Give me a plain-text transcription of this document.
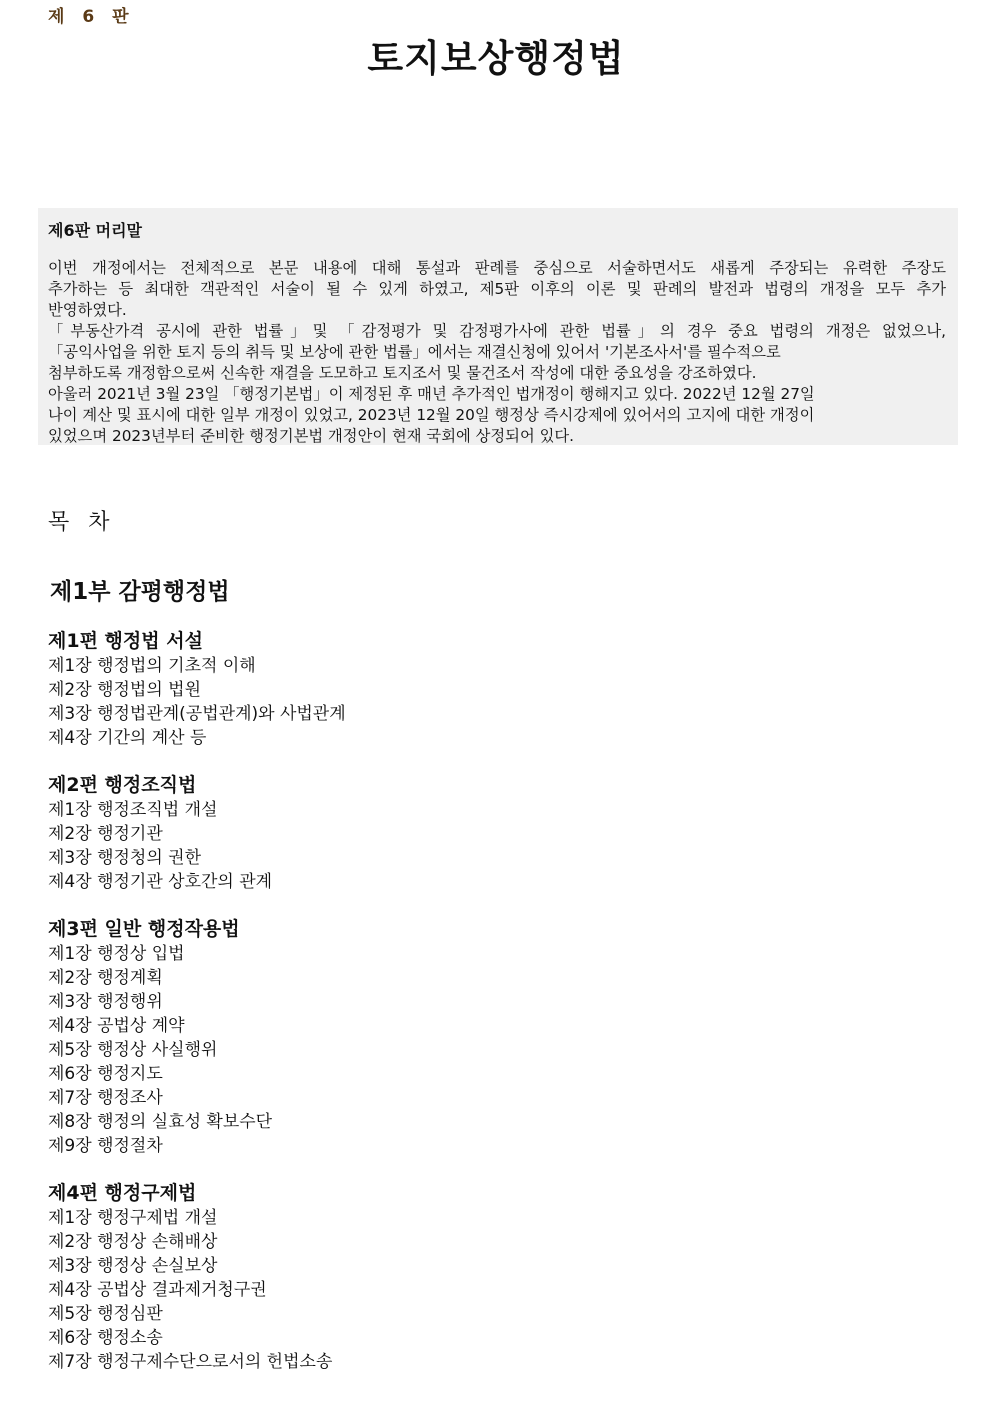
제 6 판
토지보상행정법

제6판 머리말

이번 개정에서는 전체적으로 본문 내용에 대해 통설과 판례를 중심으로 서술하면서도 새롭게 주장되는 유력한 주장도
추가하는 등 최대한 객관적인 서술이 될 수 있게 하였고, 제5판 이후의 이론 및 판례의 발전과 법령의 개정을 모두 추가
반영하였다.
「부동산가격 공시에 관한 법률」및 「감정평가 및 감정평가사에 관한 법률」의 경우 중요 법령의 개정은 없었으나,
「공익사업을 위한 토지 등의 취득 및 보상에 관한 법률」에서는 재결신청에 있어서 '기본조사서'를 필수적으로
첨부하도록 개정함으로써 신속한 재결을 도모하고 토지조서 및 물건조서 작성에 대한 중요성을 강조하였다.
아울러 2021년 3월 23일 「행정기본법」이 제정된 후 매년 추가적인 법개정이 행해지고 있다. 2022년 12월 27일
나이 계산 및 표시에 대한 일부 개정이 있었고, 2023년 12월 20일 행정상 즉시강제에 있어서의 고지에 대한 개정이
있었으며 2023년부터 준비한 행정기본법 개정안이 현재 국회에 상정되어 있다.
목 차
제1부 감평행정법

제1편 행정법 서설

제1장 행정법의 기초적 이해

제2장 행정법의 법원

제3장 행정법관계(공법관계)와 사법관계

제4장 기간의 계산 등

제2편 행정조직법

제1장 행정조직법 개설

제2장 행정기관

제3장 행정청의 권한

제4장 행정기관 상호간의 관계

제3편 일반 행정작용법

제1장 행정상 입법

제2장 행정계획

제3장 행정행위

제4장 공법상 계약

제5장 행정상 사실행위

제6장 행정지도

제7장 행정조사

제8장 행정의 실효성 확보수단

제9장 행정절차

제4편 행정구제법

제1장 행정구제법 개설

제2장 행정상 손해배상

제3장 행정상 손실보상

제4장 공법상 결과제거청구권

제5장 행정심판

제6장 행정소송

제7장 행정구제수단으로서의 헌법소송
